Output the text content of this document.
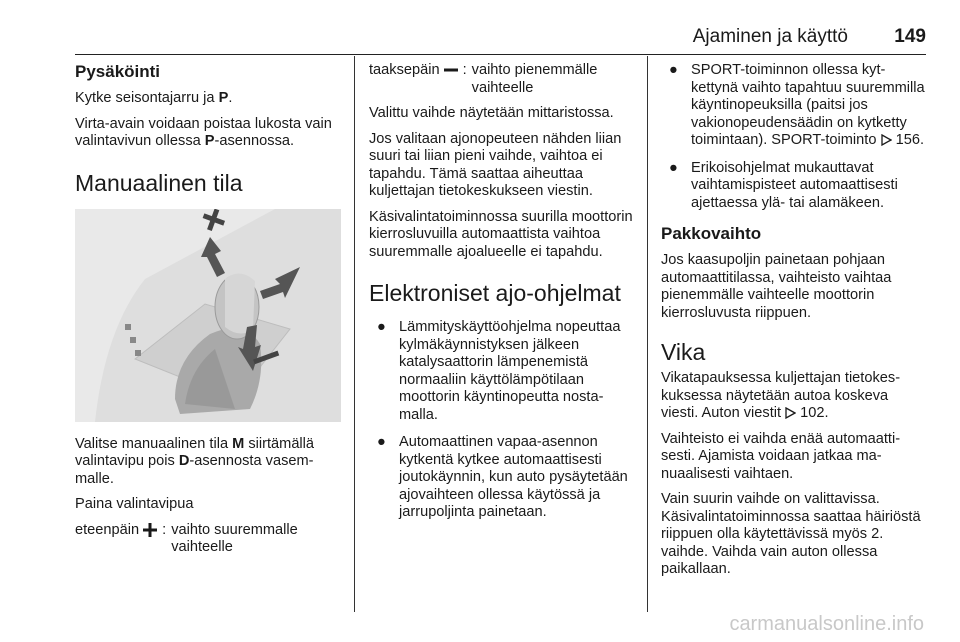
Ajaminen ja käyttö 149
Pysäköinti

Kytke seisontajarru ja P.

Virta-avain voidaan poistaa lukosta vain valintavivun ollessa P-asennossa.

Manuaalinen tila

Valitse manuaalinen tila M siirtämällä valintavipu pois D-asennosta vasemmalle.

Paina valintavipua

eteenpäin	: vaihto suuremmalle vaihteelle
taaksepäin	: vaihto pienemmälle vaihteelle

Valittu vaihde näytetään mittaristossa.

Jos valitaan ajonopeuteen nähden liian suuri tai liian pieni vaihde, vaihtoa ei tapahdu. Tämä saattaa aiheuttaa kuljettajan tietokeskukseen viestin.

Käsivalintatoiminnossa suurilla moottorin kierrosluvuilla automaattista vaihtoa suuremmalle ajoalueelle ei tapahdu.

Elektroniset ajo-ohjelmat
● Lämmityskäyttöohjelma nopeuttaa kylmäkäynnistyksen jälkeen katalysaattorin lämpenemistä normaaliin käyttölämpötilaan moottorin käyntinopeutta nostamalla.
● Automaattinen vapaa-asennon kytkentä kytkee automaattisesti joutokäynnin, kun auto pysäytetään ajovaihteen ollessa käytössä ja jarrupoljinta painetaan.
● SPORT-toiminnon ollessa kytkettynä vaihto tapahtuu suuremmilla käyntinopeuksilla (paitsi jos vakionopeudensäädin on kytketty toimintaan). SPORT-toiminto  156.
● Erikoisohjelmat mukauttavat vaihtamispisteet automaattisesti ajettaessa ylä- tai alamäkeen.
Pakkovaihto

Jos kaasupoljin painetaan pohjaan automaattitilassa, vaihteisto vaihtaa pienemmälle vaihteelle moottorin kierrosluvusta riippuen.

Vika

Vikatapauksessa kuljettajan tietokeskuksessa näytetään autoa koskeva viesti. Auton viestit  102.

Vaihteisto ei vaihda enää automaattisesti. Ajamista voidaan jatkaa manuaalisesti vaihtaen.

Vain suurin vaihde on valittavissa. Käsivalintatoiminnossa saattaa häiriöstä riippuen olla käytettävissä myös 2. vaihde. Vaihda vain auton ollessa paikallaan.

carmanualsonline.info
